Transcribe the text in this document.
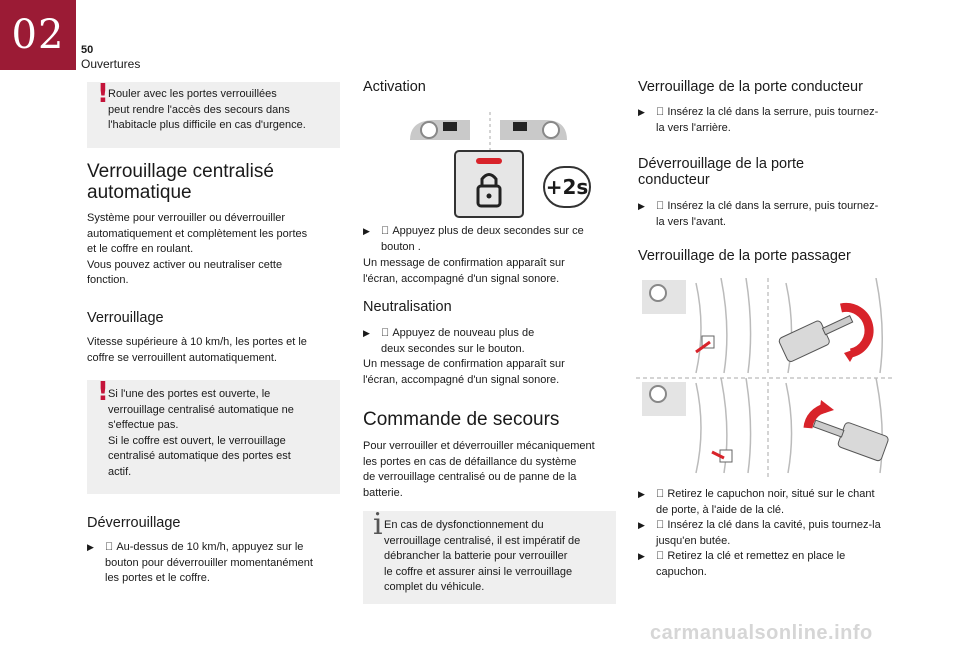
02	50
Ouvertures
! Rouler avec les portes verrouillées
peut rendre l'accès des secours dans
l'habitacle plus difficile en cas d'urgence.
Verrouillage centralisé
automatique

Système pour verrouiller ou déverrouiller
automatiquement et complètement les portes
et le coffre en roulant.
Vous pouvez activer ou neutraliser cette
fonction.

Verrouillage

Vitesse supérieure à 10 km/h, les portes et le
coffre se verrouillent automatiquement.

! Si l'une des portes est ouverte, le
verrouillage centralisé automatique ne
s'effectue pas.
Si le coffre est ouvert, le verrouillage
centralisé automatique des portes est
actif.
Déverrouillage

▶ Au-dessus de 10 km/h, appuyez sur le
bouton pour déverrouiller momentanément
les portes et le coffre.
Activation
+2s

▶ Appuyez plus de deux secondes sur ce
bouton .

Un message de confirmation apparaît sur
l'écran, accompagné d'un signal sonore.

Neutralisation

▶ Appuyez de nouveau plus de
deux secondes sur le bouton.

Un message de confirmation apparaît sur
l'écran, accompagné d'un signal sonore.

Commande de secours

Pour verrouiller et déverrouiller mécaniquement
les portes en cas de défaillance du système
de verrouillage centralisé ou de panne de la
batterie.

i En cas de dysfonctionnement du
verrouillage centralisé, il est impératif de
débrancher la batterie pour verrouiller
le coffre et assurer ainsi le verrouillage
complet du véhicule.
Verrouillage de la porte conducteur

▶ Insérez la clé dans la serrure, puis tournez-
la vers l'arrière.
Déverrouillage de la porte
conducteur

▶ Insérez la clé dans la serrure, puis tournez-
la vers l'avant.
Verrouillage de la porte passager

▶ Retirez le capuchon noir, situé sur le chant
de porte, à l'aide de la clé.

▶ Insérez la clé dans la cavité, puis tournez-la
jusqu'en butée.

▶ Retirez la clé et remettez en place le
capuchon.
carmanualsonline.info
